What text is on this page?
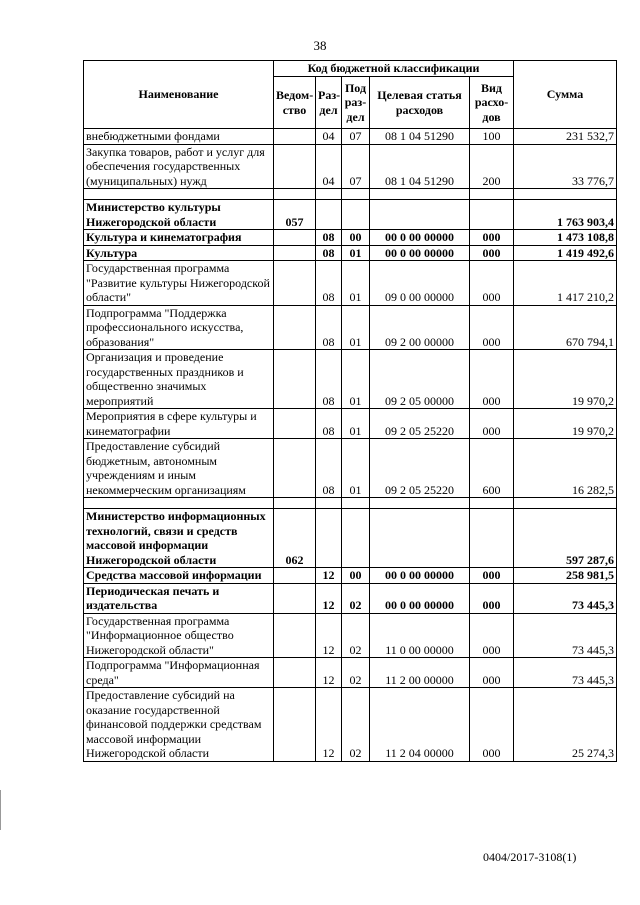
38
Наименование	Код бюджетной классификации					Сумма
	Ведом-ство	Раз-дел	Под раз-дел	Целевая статья расходов	Вид расхо-дов	
внебюджетными фондами		04	07	08 1 04 51290	100	231 532,7
Закупка товаров, работ и услуг для обеспечения государственных (муниципальных) нужд		04	07	08 1 04 51290	200	33 776,7

Министерство культуры Нижегородской области	057					1 763 903,4
Культура и кинематография		08	00	00 0 00 00000	000	1 473 108,8
Культура		08	01	00 0 00 00000	000	1 419 492,6
Государственная программа "Развитие культуры Нижегородской области"		08	01	09 0 00 00000	000	1 417 210,2
Подпрограмма "Поддержка профессионального искусства, образования"		08	01	09 2 00 00000	000	670 794,1
Организация и проведение государственных праздников и общественно значимых мероприятий		08	01	09 2 05 00000	000	19 970,2
Мероприятия в сфере культуры и кинематографии		08	01	09 2 05 25220	000	19 970,2
Предоставление субсидий бюджетным, автономным учреждениям и иным некоммерческим организациям		08	01	09 2 05 25220	600	16 282,5

Министерство информационных технологий, связи и средств массовой информации Нижегородской области	062					597 287,6
Средства массовой информации		12	00	00 0 00 00000	000	258 981,5
Периодическая печать и издательства		12	02	00 0 00 00000	000	73 445,3
Государственная программа "Информационное общество Нижегородской области"		12	02	11 0 00 00000	000	73 445,3
Подпрограмма "Информационная среда"		12	02	11 2 00 00000	000	73 445,3
Предоставление субсидий на оказание государственной финансовой поддержки средствам массовой информации Нижегородской области		12	02	11 2 04 00000	000	25 274,3
0404/2017-3108(1)
